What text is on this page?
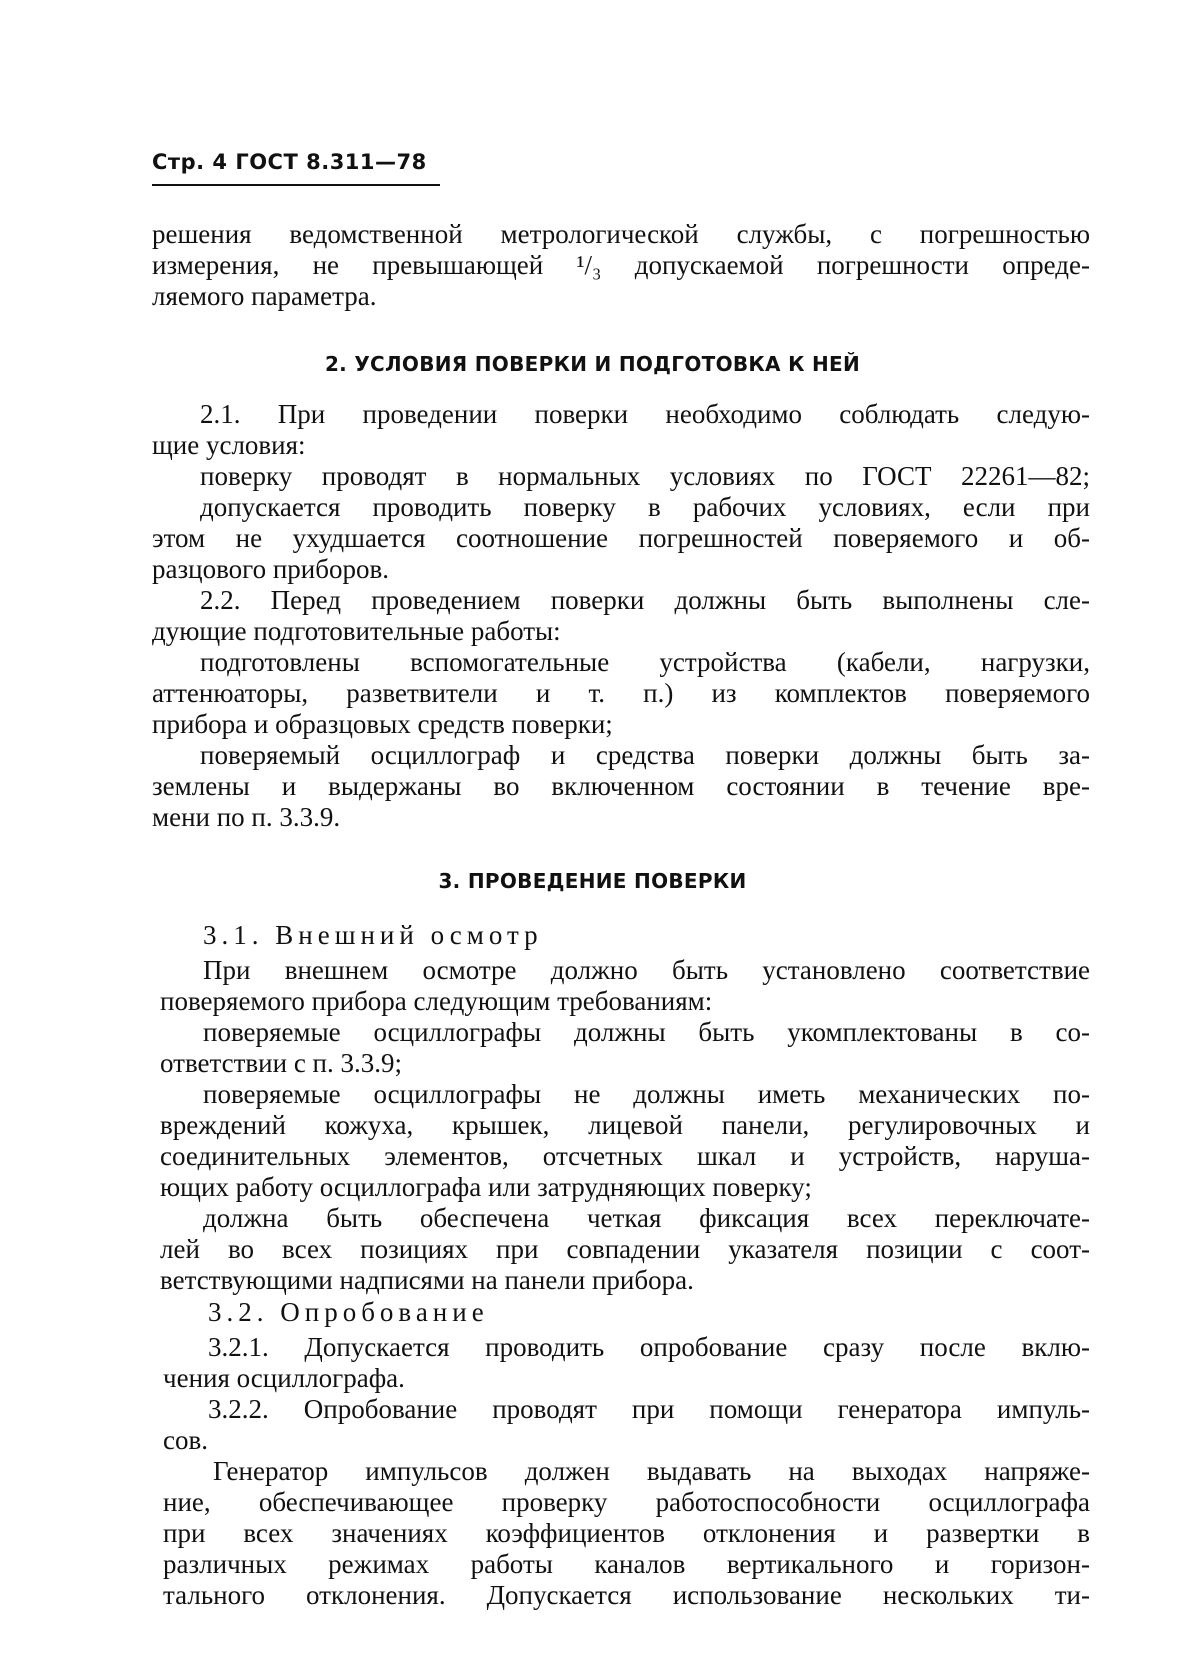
Стр. 4 ГОСТ 8.311—78
решения ведомственной метрологической службы, с погрешностью
измерения, не превышающей ¹/₃ допускаемой погрешности опреде-
ляемого параметра.
2. УСЛОВИЯ ПОВЕРКИ И ПОДГОТОВКА К НЕЙ
2.1. При проведении поверки необходимо соблюдать следую-
щие условия:
поверку проводят в нормальных условиях по ГОСТ 22261—82;
допускается проводить поверку в рабочих условиях, если при
этом не ухудшается соотношение погрешностей поверяемого и об-
разцового приборов.
2.2. Перед проведением поверки должны быть выполнены сле-
дующие подготовительные работы:
подготовлены вспомогательные устройства (кабели, нагрузки,
аттенюаторы, разветвители и т. п.) из комплектов поверяемого
прибора и образцовых средств поверки;
поверяемый осциллограф и средства поверки должны быть за-
землены и выдержаны во включенном состоянии в течение вре-
мени по п. 3.3.9.
3. ПРОВЕДЕНИЕ ПОВЕРКИ
3.1. Внешний осмотр
При внешнем осмотре должно быть установлено соответствие
поверяемого прибора следующим требованиям:
поверяемые осциллографы должны быть укомплектованы в со-
ответствии с п. 3.3.9;
поверяемые осциллографы не должны иметь механических по-
вреждений кожуха, крышек, лицевой панели, регулировочных и
соединительных элементов, отсчетных шкал и устройств, наруша-
ющих работу осциллографа или затрудняющих поверку;
должна быть обеспечена четкая фиксация всех переключате-
лей во всех позициях при совпадении указателя позиции с соот-
ветствующими надписями на панели прибора.
3.2. Опробование
3.2.1. Допускается проводить опробование сразу после вклю-
чения осциллографа.
3.2.2. Опробование проводят при помощи генератора импуль-
сов.
Генератор импульсов должен выдавать на выходах напряже-
ние, обеспечивающее проверку работоспособности осциллографа
при всех значениях коэффициентов отклонения и развертки в
различных режимах работы каналов вертикального и горизон-
тального отклонения. Допускается использование нескольких ти-
